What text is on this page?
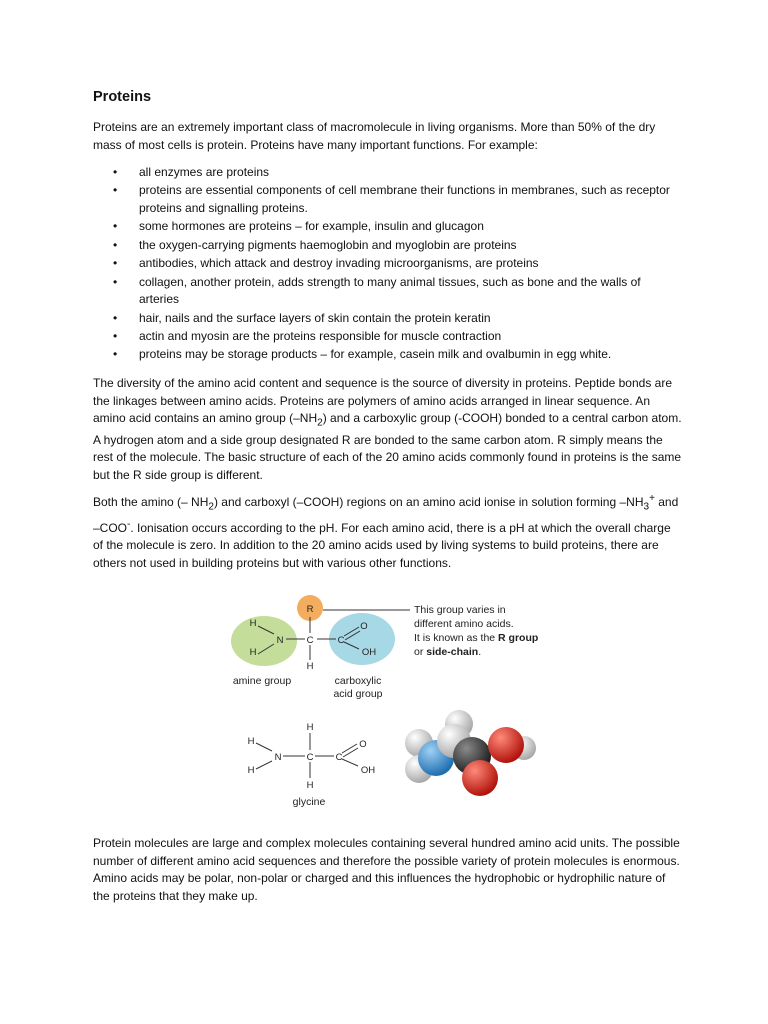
Proteins

Proteins are an extremely important class of macromolecule in living organisms. More than 50% of the dry mass of most cells is protein. Proteins have many important functions. For example:

• all enzymes are proteins
• proteins are essential components of cell membrane their functions in membranes, such as receptor proteins and signalling proteins.
• some hormones are proteins – for example, insulin and glucagon
• the oxygen-carrying pigments haemoglobin and myoglobin are proteins
• antibodies, which attack and destroy invading microorganisms, are proteins
• collagen, another protein, adds strength to many animal tissues, such as bone and the walls of arteries
• hair, nails and the surface layers of skin contain the protein keratin
• actin and myosin are the proteins responsible for muscle contraction
• proteins may be storage products – for example, casein milk and ovalbumin in egg white.

The diversity of the amino acid content and sequence is the source of diversity in proteins. Peptide bonds are the linkages between amino acids. Proteins are polymers of amino acids arranged in linear sequence. An amino acid contains an amino group $(-NH_2)$ and a carboxylic group (-COOH) bonded to a central carbon atom. A hydrogen atom and a side group designated R are bonded to the same carbon atom. R simply means the rest of the molecule. The basic structure of each of the 20 amino acids commonly found in proteins is the same but the R side group is different.

Both the amino (– $NH_2$) and carboxyl (–COOH) regions on an amino acid ionise in solution forming $-NH_3^+$ and –COO-. Ionisation occurs according to the pH. For each amino acid, there is a pH at which the overall charge of the molecule is zero. In addition to the 20 amino acids used by living systems to build proteins, there are others not used in building proteins but with various other functions.

R
H
H
N C	C
O
OH
H
This group varies in
different amino acids.
It is known as the R group
or side-chain.
amine group	carboxylic
acid group
H
H
H
N	C C
O
OH
H
glycine

Protein molecules are large and complex molecules containing several hundred amino acid units. The possible number of different amino acid sequences and therefore the possible variety of protein molecules is enormous. Amino acids may be polar, non-polar or charged and this influences the hydrophobic or hydrophilic nature of the proteins that they make up.
